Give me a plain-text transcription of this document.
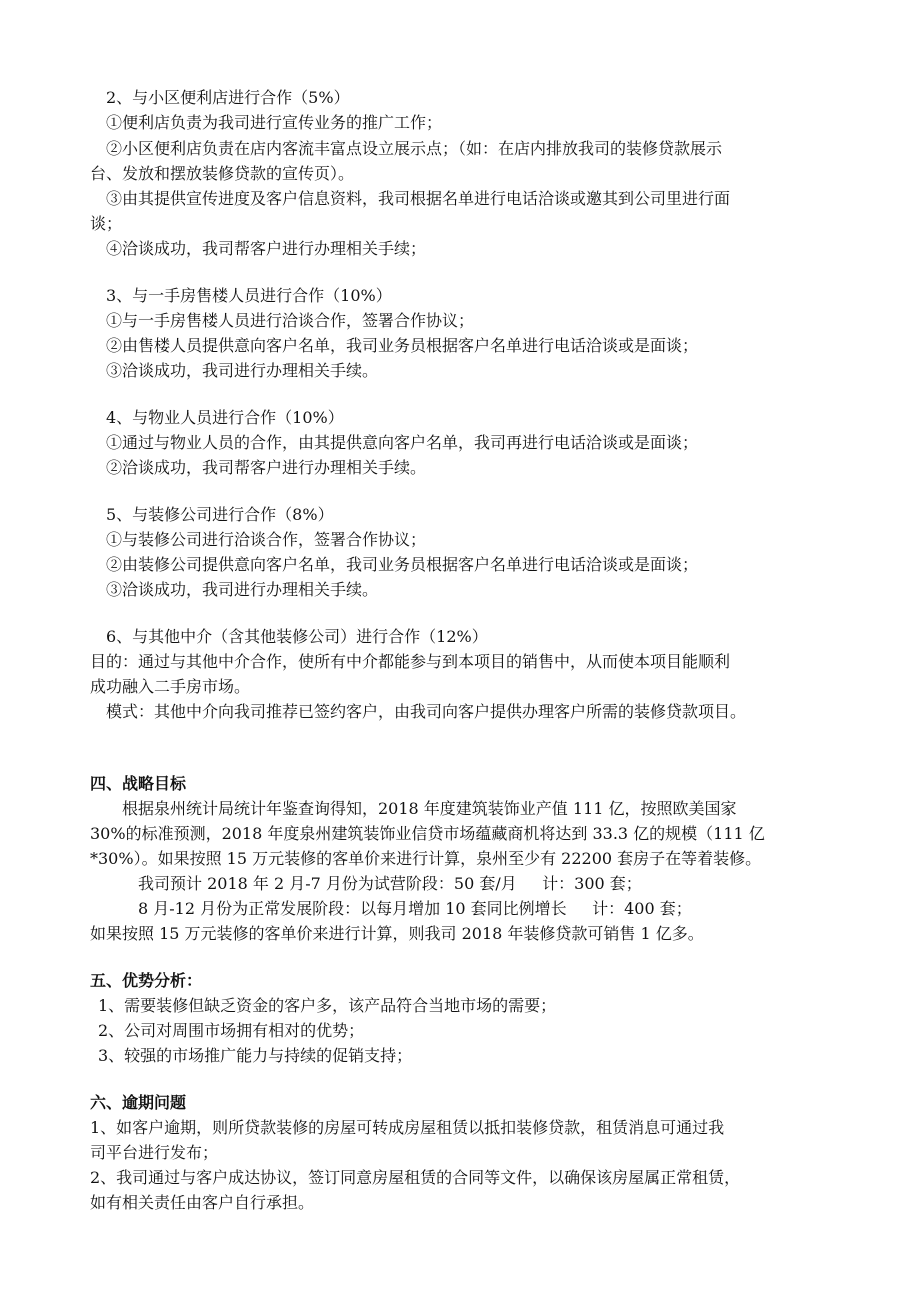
2、与小区便利店进行合作（5%）
①便利店负责为我司进行宣传业务的推广工作；
②小区便利店负责在店内客流丰富点设立展示点；（如：在店内排放我司的装修贷款展示
台、发放和摆放装修贷款的宣传页）。
③由其提供宣传进度及客户信息资料，我司根据名单进行电话洽谈或邀其到公司里进行面
谈；
④洽谈成功，我司帮客户进行办理相关手续；
3、与一手房售楼人员进行合作（10%）
①与一手房售楼人员进行洽谈合作，签署合作协议；
②由售楼人员提供意向客户名单，我司业务员根据客户名单进行电话洽谈或是面谈；
③洽谈成功，我司进行办理相关手续。
4、与物业人员进行合作（10%）
①通过与物业人员的合作，由其提供意向客户名单，我司再进行电话洽谈或是面谈；
②洽谈成功，我司帮客户进行办理相关手续。
5、与装修公司进行合作（8%）
①与装修公司进行洽谈合作，签署合作协议；
②由装修公司提供意向客户名单，我司业务员根据客户名单进行电话洽谈或是面谈；
③洽谈成功，我司进行办理相关手续。
6、与其他中介（含其他装修公司）进行合作（12%）
目的：通过与其他中介合作，使所有中介都能参与到本项目的销售中，从而使本项目能顺利
成功融入二手房市场。
模式：其他中介向我司推荐已签约客户，由我司向客户提供办理客户所需的装修贷款项目。
四、战略目标
根据泉州统计局统计年鉴查询得知，2018 年度建筑装饰业产值 111 亿，按照欧美国家
30%的标准预测，2018 年度泉州建筑装饰业信贷市场蕴藏商机将达到 33.3 亿的规模（111 亿
*30%）。如果按照 15 万元装修的客单价来进行计算，泉州至少有 22200 套房子在等着装修。
我司预计 2018 年 2 月-7 月份为试营阶段：50 套/月     计：300 套；
8 月-12 月份为正常发展阶段：以每月增加 10 套同比例增长     计：400 套；
如果按照 15 万元装修的客单价来进行计算，则我司 2018 年装修贷款可销售 1 亿多。
五、优势分析：
1、需要装修但缺乏资金的客户多，该产品符合当地市场的需要；
2、公司对周围市场拥有相对的优势；
3、较强的市场推广能力与持续的促销支持；
六、逾期问题
1、如客户逾期，则所贷款装修的房屋可转成房屋租赁以抵扣装修贷款，租赁消息可通过我
司平台进行发布；
2、我司通过与客户成达协议，签订同意房屋租赁的合同等文件，以确保该房屋属正常租赁，
如有相关责任由客户自行承担。
